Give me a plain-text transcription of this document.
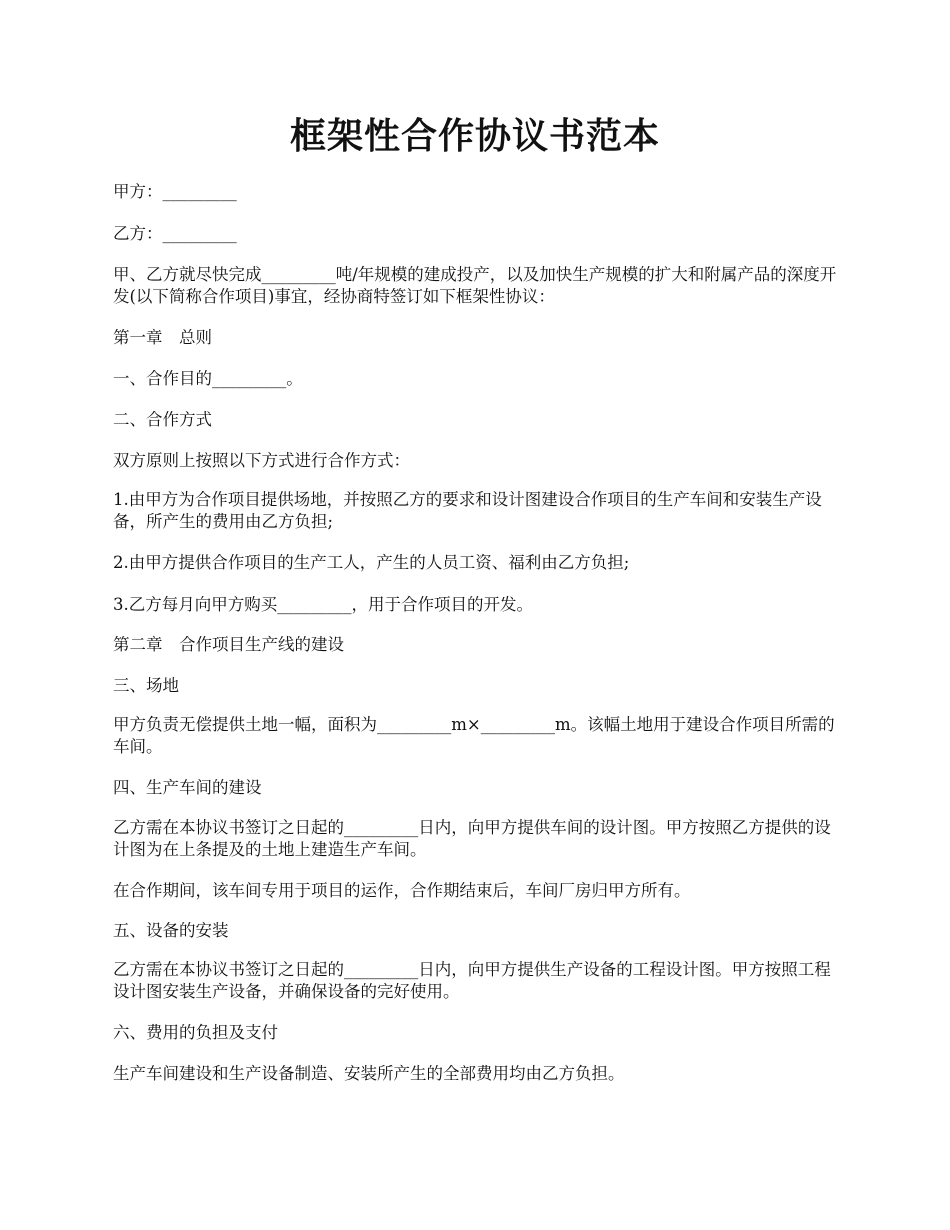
框架性合作协议书范本

甲方：_________

乙方：_________

甲、乙方就尽快完成_________吨/年规模的建成投产，以及加快生产规模的扩大和附属产品的深度开发(以下简称合作项目)事宜，经协商特签订如下框架性协议：

第一章　总则

一、合作目的_________。

二、合作方式

双方原则上按照以下方式进行合作方式：

1.由甲方为合作项目提供场地，并按照乙方的要求和设计图建设合作项目的生产车间和安装生产设备，所产生的费用由乙方负担;

2.由甲方提供合作项目的生产工人，产生的人员工资、福利由乙方负担;

3.乙方每月向甲方购买_________，用于合作项目的开发。

第二章　合作项目生产线的建设

三、场地

甲方负责无偿提供土地一幅，面积为_________m×_________m。该幅土地用于建设合作项目所需的车间。

四、生产车间的建设

乙方需在本协议书签订之日起的_________日内，向甲方提供车间的设计图。甲方按照乙方提供的设计图为在上条提及的土地上建造生产车间。

在合作期间，该车间专用于项目的运作，合作期结束后，车间厂房归甲方所有。

五、设备的安装

乙方需在本协议书签订之日起的_________日内，向甲方提供生产设备的工程设计图。甲方按照工程设计图安装生产设备，并确保设备的完好使用。

六、费用的负担及支付

生产车间建设和生产设备制造、安装所产生的全部费用均由乙方负担。
